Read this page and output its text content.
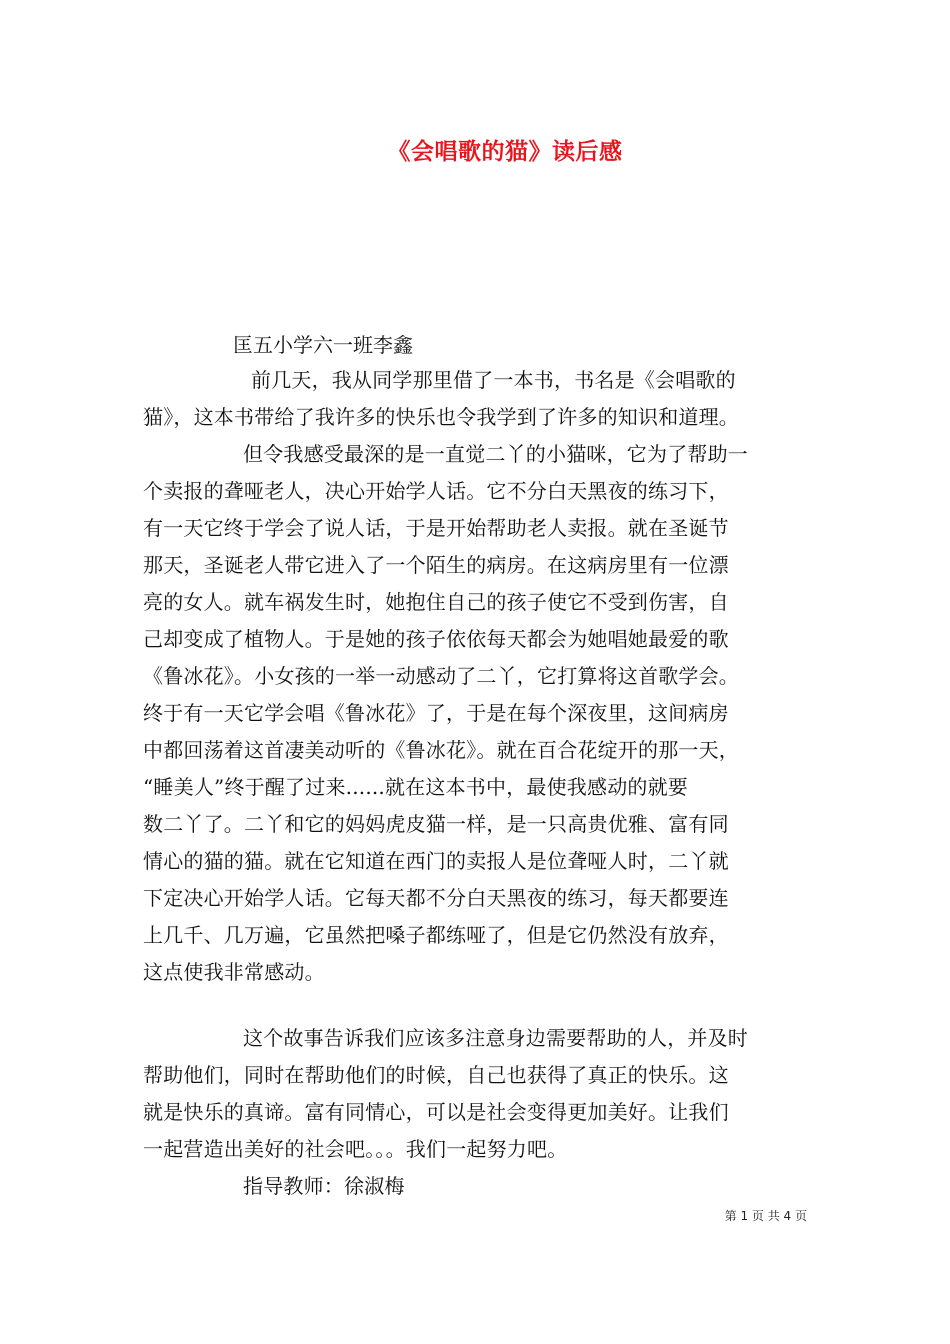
《会唱歌的猫》读后感
匡五小学六一班李鑫
前几天，我从同学那里借了一本书，书名是《会唱歌的
猫》，这本书带给了我许多的快乐也令我学到了许多的知识和道理。
但令我感受最深的是一直觉二丫的小猫咪，它为了帮助一
个卖报的聋哑老人，决心开始学人话。它不分白天黑夜的练习下，
有一天它终于学会了说人话，于是开始帮助老人卖报。就在圣诞节
那天，圣诞老人带它进入了一个陌生的病房。在这病房里有一位漂
亮的女人。就车祸发生时，她抱住自己的孩子使它不受到伤害，自
己却变成了植物人。于是她的孩子依依每天都会为她唱她最爱的歌
《鲁冰花》。小女孩的一举一动感动了二丫，它打算将这首歌学会。
终于有一天它学会唱《鲁冰花》了，于是在每个深夜里，这间病房
中都回荡着这首凄美动听的《鲁冰花》。就在百合花绽开的那一天，
“睡美人”终于醒了过来......就在这本书中，最使我感动的就要
数二丫了。二丫和它的妈妈虎皮猫一样，是一只高贵优雅、富有同
情心的猫的猫。就在它知道在西门的卖报人是位聋哑人时，二丫就
下定决心开始学人话。它每天都不分白天黑夜的练习，每天都要连
上几千、几万遍，它虽然把嗓子都练哑了，但是它仍然没有放弃，
这点使我非常感动。
这个故事告诉我们应该多注意身边需要帮助的人，并及时
帮助他们，同时在帮助他们的时候，自己也获得了真正的快乐。这
就是快乐的真谛。富有同情心，可以是社会变得更加美好。让我们
一起营造出美好的社会吧。。。我们一起努力吧。
指导教师：徐淑梅
第 1 页 共 4 页
